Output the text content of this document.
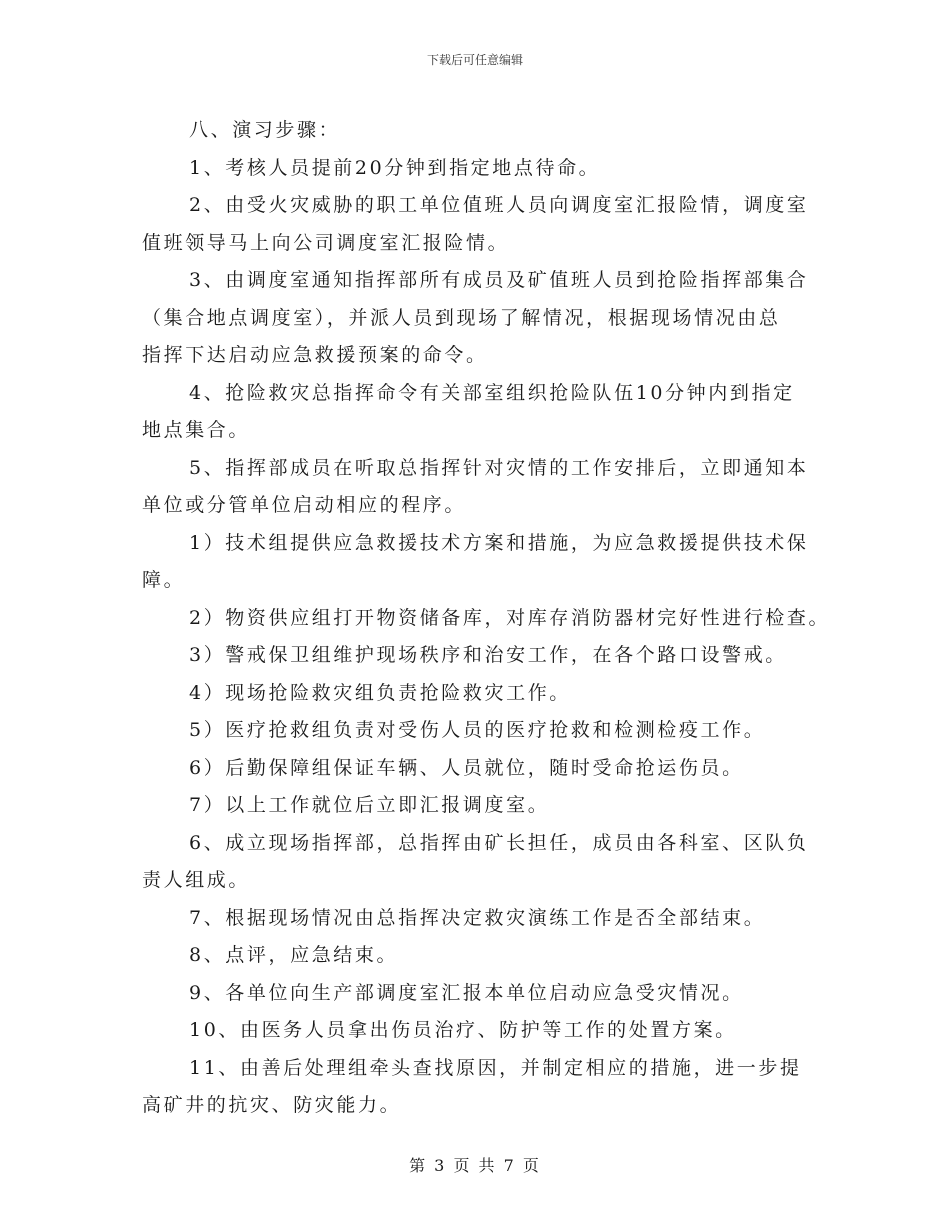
下载后可任意编辑
八、演习步骤：
1、考核人员提前20分钟到指定地点待命。
2、由受火灾威胁的职工单位值班人员向调度室汇报险情，调度室
值班领导马上向公司调度室汇报险情。
3、由调度室通知指挥部所有成员及矿值班人员到抢险指挥部集合
（集合地点调度室），并派人员到现场了解情况，根据现场情况由总
指挥下达启动应急救援预案的命令。
4、抢险救灾总指挥命令有关部室组织抢险队伍10分钟内到指定
地点集合。
5、指挥部成员在听取总指挥针对灾情的工作安排后，立即通知本
单位或分管单位启动相应的程序。
1）技术组提供应急救援技术方案和措施，为应急救援提供技术保
障。
2）物资供应组打开物资储备库，对库存消防器材完好性进行检查。
3）警戒保卫组维护现场秩序和治安工作，在各个路口设警戒。
4）现场抢险救灾组负责抢险救灾工作。
5）医疗抢救组负责对受伤人员的医疗抢救和检测检疫工作。
6）后勤保障组保证车辆、人员就位，随时受命抢运伤员。
7）以上工作就位后立即汇报调度室。
6、成立现场指挥部，总指挥由矿长担任，成员由各科室、区队负
责人组成。
7、根据现场情况由总指挥决定救灾演练工作是否全部结束。
8、点评，应急结束。
9、各单位向生产部调度室汇报本单位启动应急受灾情况。
10、由医务人员拿出伤员治疗、防护等工作的处置方案。
11、由善后处理组牵头查找原因，并制定相应的措施，进一步提
高矿井的抗灾、防灾能力。
第 3 页 共 7 页
